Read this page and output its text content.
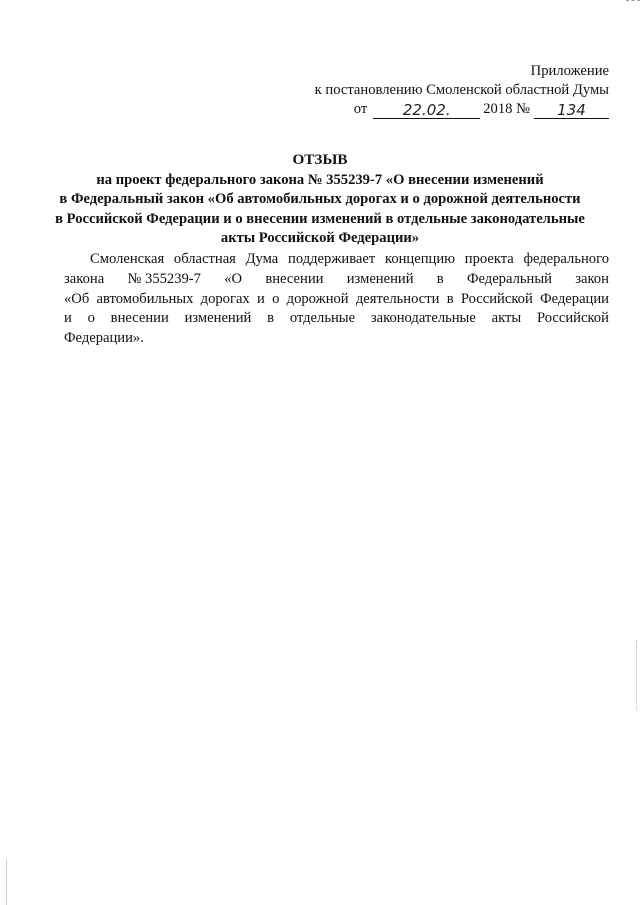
Приложение
к постановлению Смоленской областной Думы
от	22.02.	2018 №	134
ОТЗЫВ
на проект федерального закона № 355239-7 «О внесении изменений
в Федеральный закон «Об автомобильных дорогах и о дорожной деятельности
в Российской Федерации и о внесении изменений в отдельные законодательные
акты Российской Федерации»
Смоленская областная Дума поддерживает концепцию проекта федерального
закона № 355239-7 «О внесении изменений в Федеральный закон
«Об автомобильных дорогах и о дорожной деятельности в Российской Федерации
и о внесении изменений в отдельные законодательные акты Российской
Федерации».
